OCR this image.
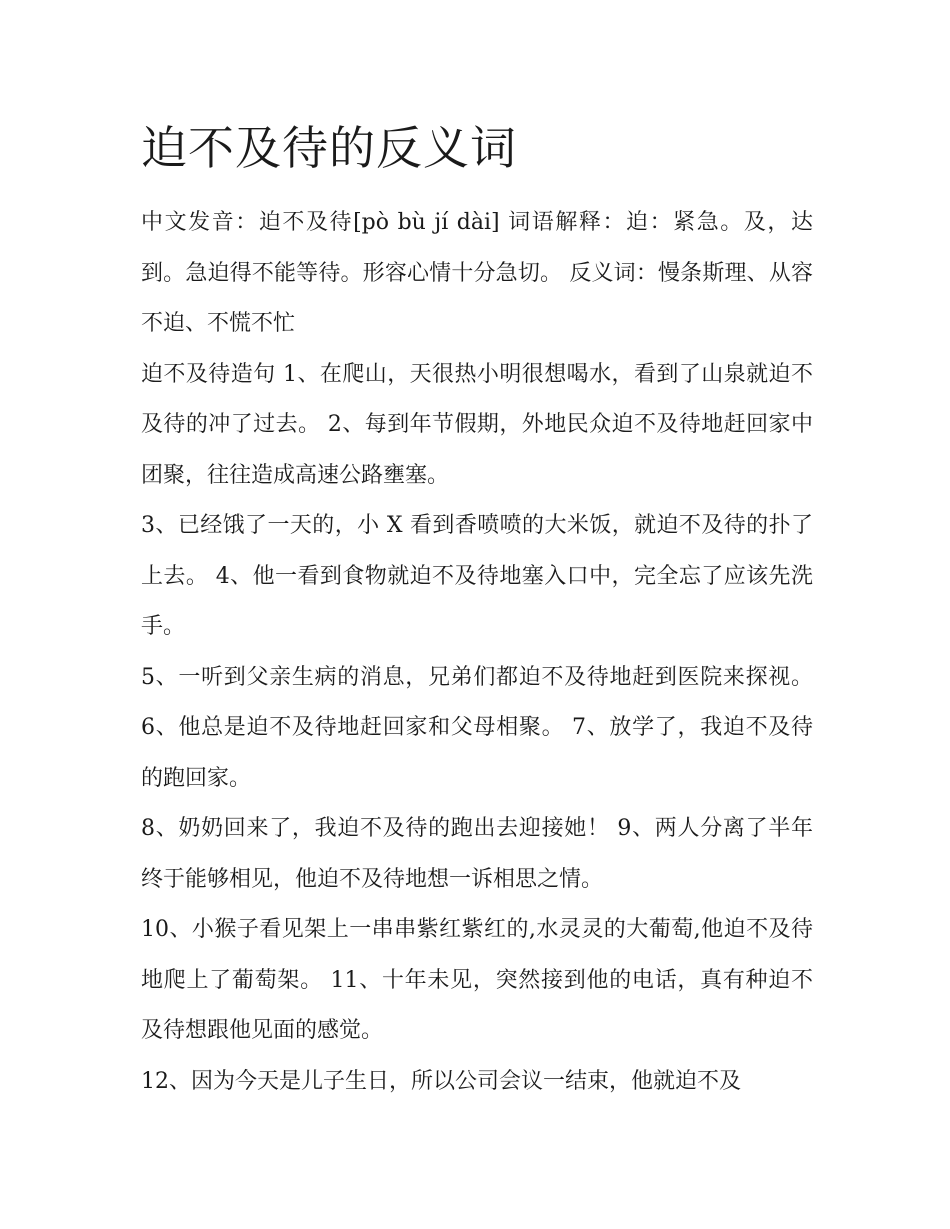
迫不及待的反义词

中文发音：迫不及待[pò bù jí dài] 词语解释：迫：紧急。及，达到。急迫得不能等待。形容心情十分急切。 反义词：慢条斯理、从容不迫、不慌不忙

迫不及待造句 1、在爬山，天很热小明很想喝水，看到了山泉就迫不及待的冲了过去。 2、每到年节假期，外地民众迫不及待地赶回家中团聚，往往造成高速公路壅塞。

3、已经饿了一天的，小 X 看到香喷喷的大米饭，就迫不及待的扑了上去。 4、他一看到食物就迫不及待地塞入口中，完全忘了应该先洗手。

5、一听到父亲生病的消息，兄弟们都迫不及待地赶到医院来探视。 6、他总是迫不及待地赶回家和父母相聚。 7、放学了，我迫不及待的跑回家。

8、奶奶回来了，我迫不及待的跑出去迎接她！ 9、两人分离了半年终于能够相见，他迫不及待地想一诉相思之情。

10、小猴子看见架上一串串紫红紫红的,水灵灵的大葡萄,他迫不及待地爬上了葡萄架。 11、十年未见，突然接到他的电话，真有种迫不及待想跟他见面的感觉。

12、因为今天是儿子生日，所以公司会议一结束，他就迫不及
